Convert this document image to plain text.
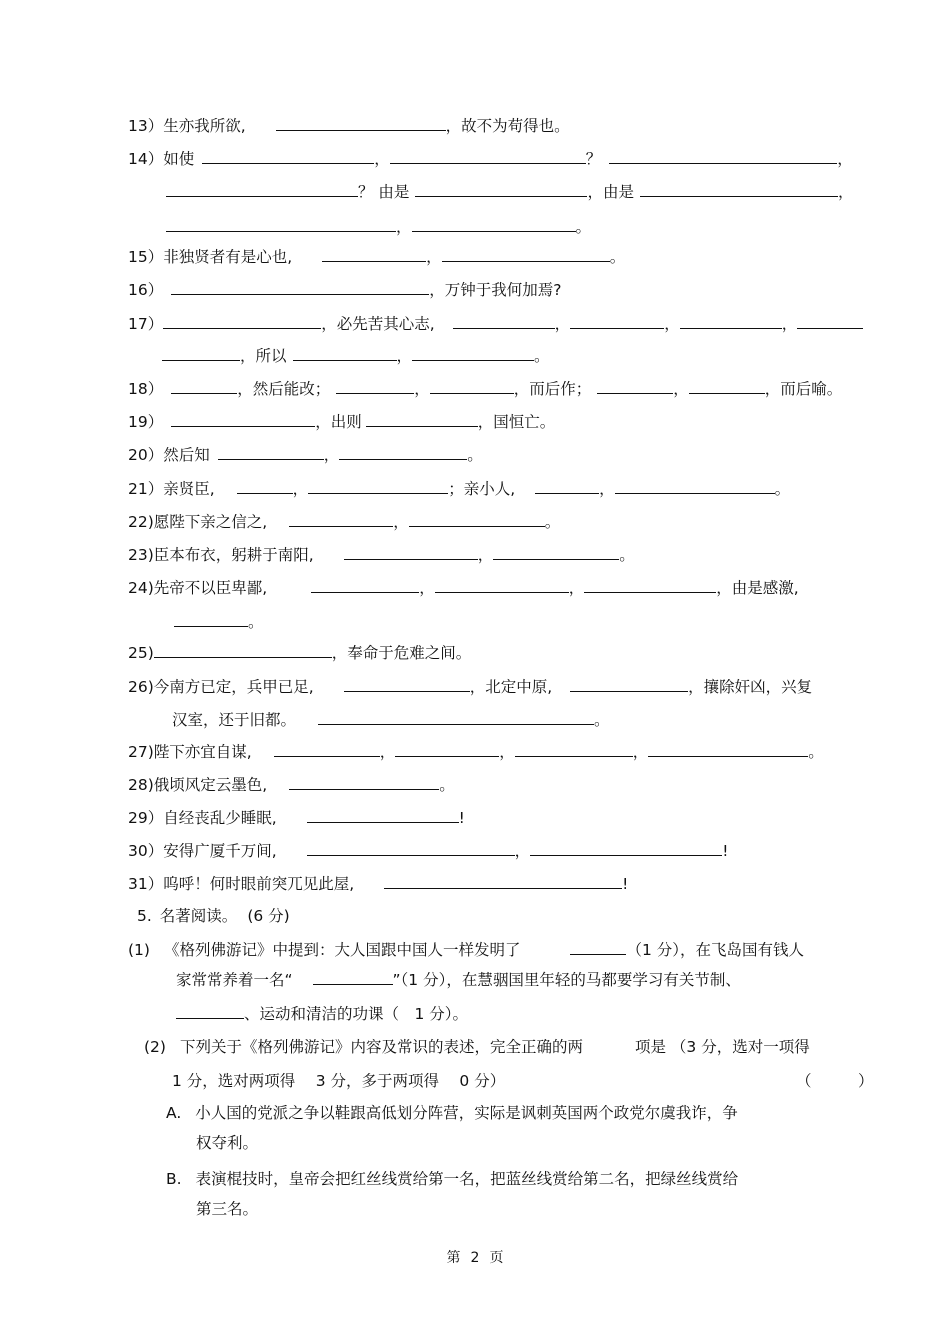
13）生亦我所欲,	，故不为苟得也。
14）如使	，	？	，
？ 由是	，由是	，
，	。
15）非独贤者有是心也,	，	。
16）	，万钟于我何加焉?
17）	，必先苦其心志,	，	，	，
，所以	，	。
18）	，然后能改；	，	，而后作；	，	，而后喻。
19）	，出则	，国恒亡。
20）然后知	，	。
21）亲贤臣,	，	；亲小人,	，	。
22)愿陛下亲之信之,	，	。
23)臣本布衣，躬耕于南阳,	，	。
24)先帝不以臣卑鄙,	，	，	，由是感激,
。
25)	，奉命于危难之间。
26)今南方已定，兵甲已足,	，北定中原,	，攘除奸凶，兴复
汉室，还于旧都。	。
27)陛下亦宜自谋,	，	，	，	。
28)俄顷风定云墨色,	。
29）自经丧乱少睡眠,	!
30）安得广厦千万间,	，	!
31）呜呼！何时眼前突兀见此屋,	!
5. 名著阅读。 (6 分)
(1) 《格列佛游记》中提到：大人国跟中国人一样发明了	（1 分），在飞岛国有钱人
家常常养着一名“	”（1 分），在慧骃国里年轻的马都要学习有关节制、
、运动和清洁的功课（　1 分）。
(2) 下列关于《格列佛游记》内容及常识的表述，完全正确的两	项是 （3 分，选对一项得
1 分，选对两项得　 3 分，多于两项得　 0 分）	（　　　）
A. 小人国的党派之争以鞋跟高低划分阵营，实际是讽刺英国两个政党尔虞我诈，争
权夺利。
B. 表演棍技时，皇帝会把红丝线赏给第一名，把蓝丝线赏给第二名，把绿丝线赏给
第三名。
第 2 页
